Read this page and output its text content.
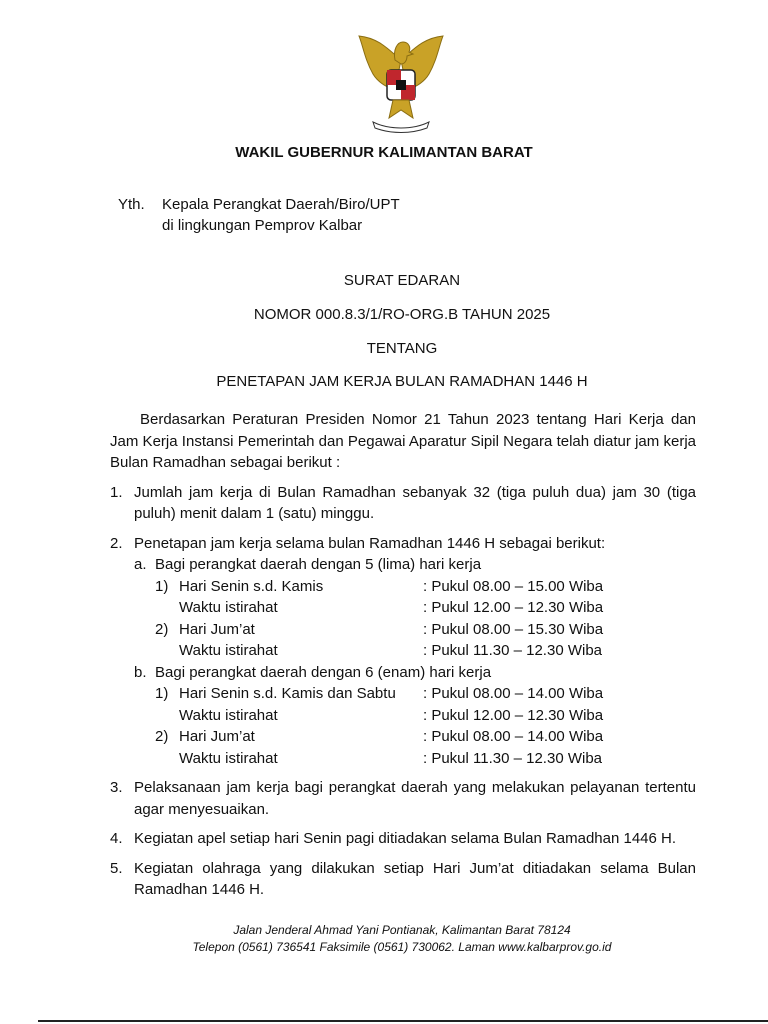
WAKIL GUBERNUR KALIMANTAN BARAT
Yth. Kepala Perangkat Daerah/Biro/UPT
di lingkungan Pemprov Kalbar
SURAT EDARAN
NOMOR 000.8.3/1/RO-ORG.B TAHUN 2025
TENTANG
PENETAPAN JAM KERJA BULAN RAMADHAN 1446 H

Berdasarkan Peraturan Presiden Nomor 21 Tahun 2023 tentang Hari Kerja dan Jam Kerja Instansi Pemerintah dan Pegawai Aparatur Sipil Negara telah diatur jam kerja Bulan Ramadhan sebagai berikut :

1. Jumlah jam kerja di Bulan Ramadhan sebanyak 32 (tiga puluh dua) jam 30 (tiga puluh) menit dalam 1 (satu) minggu.
2. Penetapan jam kerja selama bulan Ramadhan 1446 H sebagai berikut:
a. Bagi perangkat daerah dengan 5 (lima) hari kerja
1) Hari Senin s.d. Kamis	: Pukul 08.00 – 15.00 Wiba
Waktu istirahat	: Pukul 12.00 – 12.30 Wiba
2) Hari Jum’at	: Pukul 08.00 – 15.30 Wiba
Waktu istirahat	: Pukul 11.30 – 12.30 Wiba
b. Bagi perangkat daerah dengan 6 (enam) hari kerja
1) Hari Senin s.d. Kamis dan Sabtu	: Pukul 08.00 – 14.00 Wiba
Waktu istirahat	: Pukul 12.00 – 12.30 Wiba
2) Hari Jum’at	: Pukul 08.00 – 14.00 Wiba
Waktu istirahat	: Pukul 11.30 – 12.30 Wiba
3. Pelaksanaan jam kerja bagi perangkat daerah yang melakukan pelayanan tertentu agar menyesuaikan.
4. Kegiatan apel setiap hari Senin pagi ditiadakan selama Bulan Ramadhan 1446 H.
5. Kegiatan olahraga yang dilakukan setiap Hari Jum’at ditiadakan selama Bulan Ramadhan 1446 H.
Jalan Jenderal Ahmad Yani Pontianak, Kalimantan Barat 78124
Telepon (0561) 736541 Faksimile (0561) 730062. Laman www.kalbarprov.go.id
